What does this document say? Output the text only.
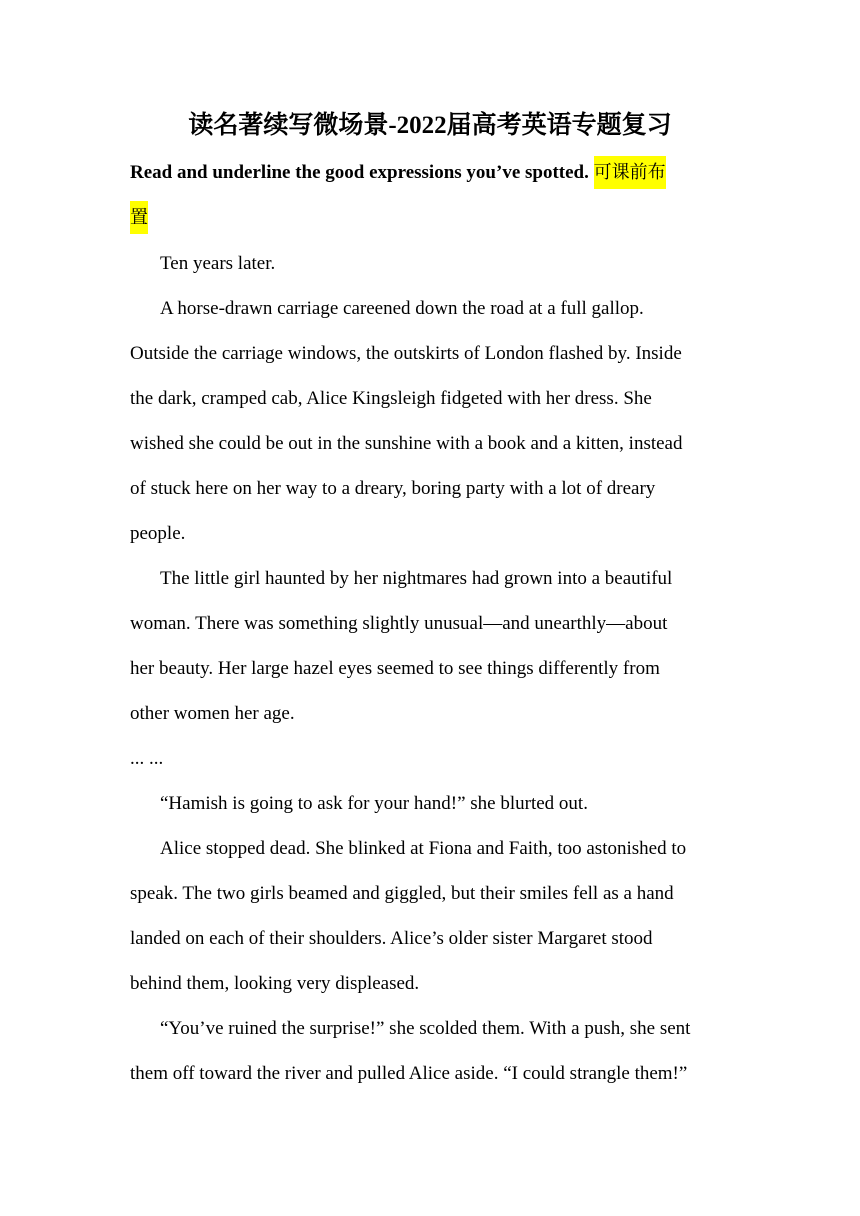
读名著续写微场景-2022届高考英语专题复习
Read and underline the good expressions you’ve spotted. 可课前布
置
Ten years later.
A horse-drawn carriage careened down the road at a full gallop.
Outside the carriage windows, the outskirts of London flashed by. Inside
the dark, cramped cab, Alice Kingsleigh fidgeted with her dress. She
wished she could be out in the sunshine with a book and a kitten, instead
of stuck here on her way to a dreary, boring party with a lot of dreary
people.
The little girl haunted by her nightmares had grown into a beautiful
woman. There was something slightly unusual—and unearthly—about
her beauty. Her large hazel eyes seemed to see things differently from
other women her age.
... ...
“Hamish is going to ask for your hand!” she blurted out.
Alice stopped dead. She blinked at Fiona and Faith, too astonished to
speak. The two girls beamed and giggled, but their smiles fell as a hand
landed on each of their shoulders. Alice’s older sister Margaret stood
behind them, looking very displeased.
“You’ve ruined the surprise!” she scolded them. With a push, she sent
them off toward the river and pulled Alice aside. “I could strangle them!”
